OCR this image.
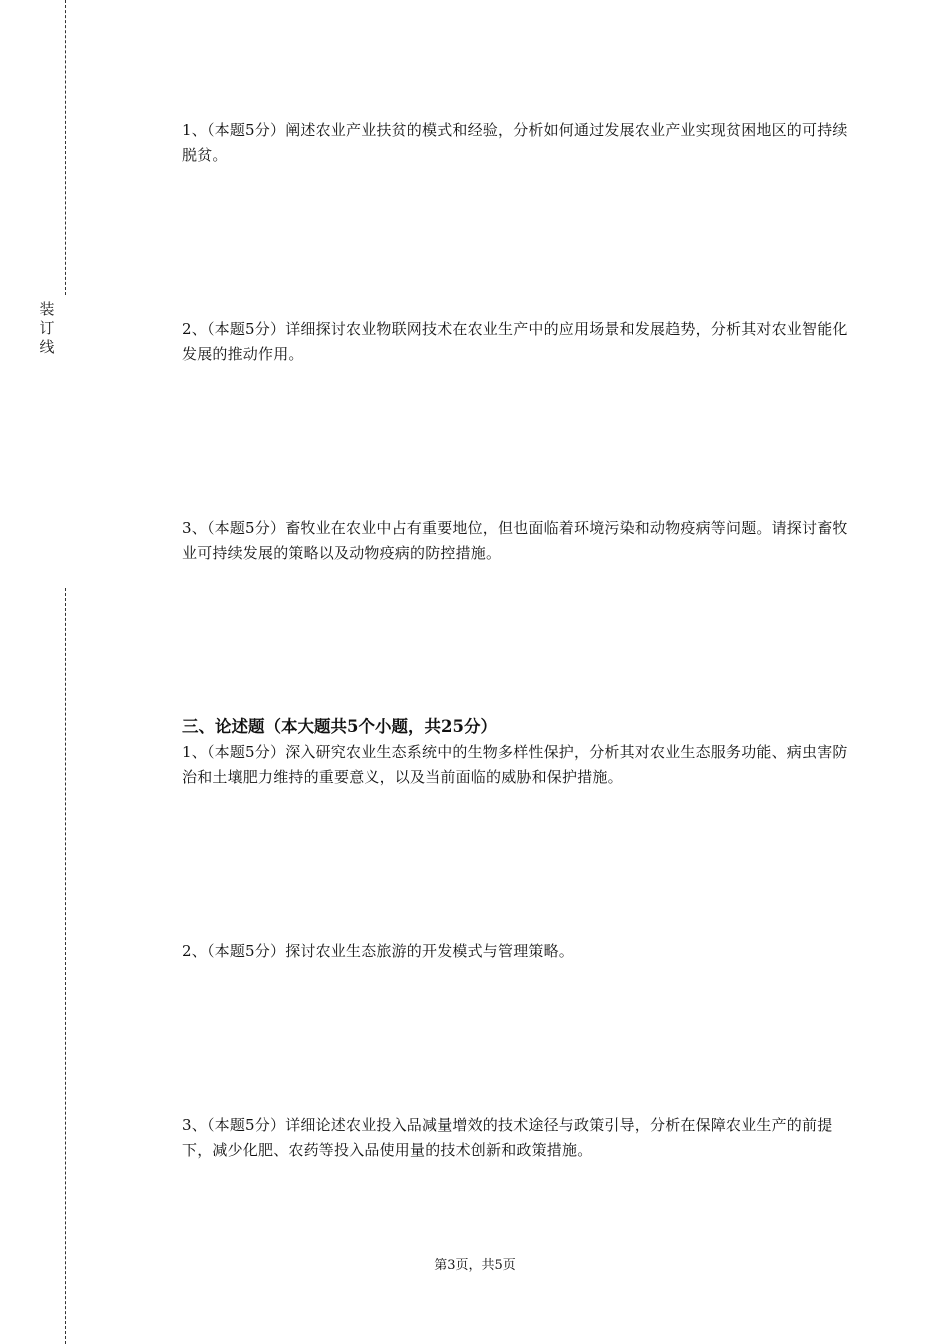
装
订
线

1、（本题5分）阐述农业产业扶贫的模式和经验，分析如何通过发展农业产业实现贫困地区的可持续脱贫。

2、（本题5分）详细探讨农业物联网技术在农业生产中的应用场景和发展趋势，分析其对农业智能化发展的推动作用。

3、（本题5分）畜牧业在农业中占有重要地位，但也面临着环境污染和动物疫病等问题。请探讨畜牧业可持续发展的策略以及动物疫病的防控措施。

三、论述题（本大题共5个小题，共25分）

1、（本题5分）深入研究农业生态系统中的生物多样性保护，分析其对农业生态服务功能、病虫害防治和土壤肥力维持的重要意义，以及当前面临的威胁和保护措施。

2、（本题5分）探讨农业生态旅游的开发模式与管理策略。

3、（本题5分）详细论述农业投入品减量增效的技术途径与政策引导，分析在保障农业生产的前提下，减少化肥、农药等投入品使用量的技术创新和政策措施。

第3页，共5页
